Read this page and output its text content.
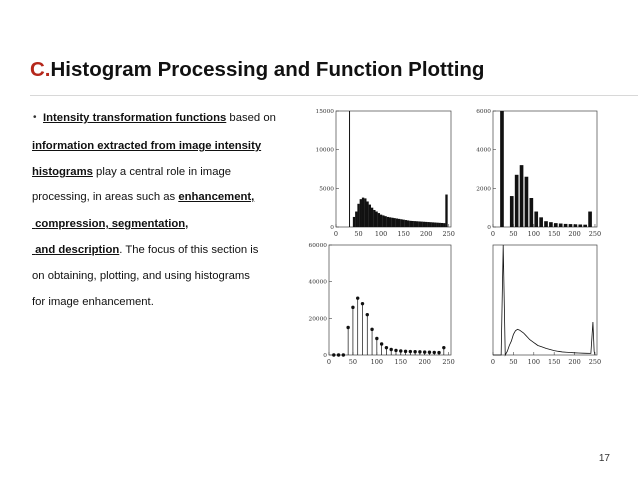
C.Histogram Processing and Function Plotting
• Intensity transformation functions based on
information extracted from image intensity
histograms play a central role in image
processing, in areas such as enhancement,
compression, segmentation,
and description. The focus of this section is
on obtaining, plotting, and using histograms
for image enhancement.
0	50 100 150 200 250
0
5000
10000
15000
0 50 100 150 200 250
0
2000
4000
6000
0	50 100 150 200 250
0
20000
40000
60000
0 50 100 150 200 250
17
